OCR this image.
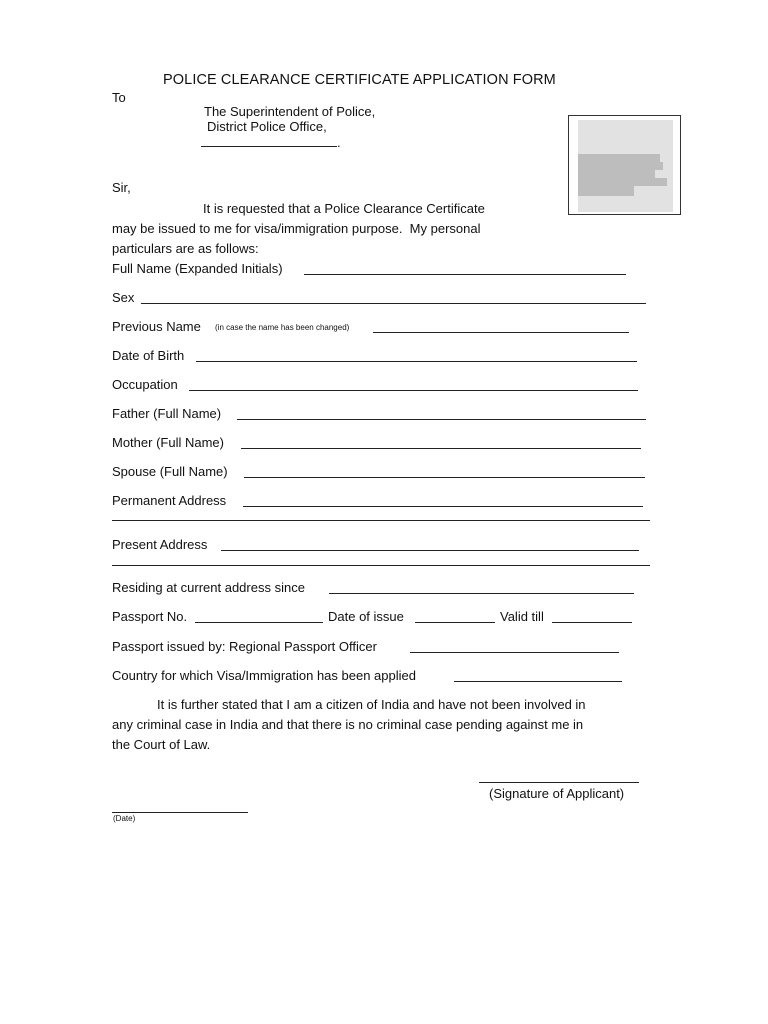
POLICE CLEARANCE CERTIFICATE APPLICATION FORM
To
The Superintendent of Police,
District Police Office,
.
Sir,
It is requested that a Police Clearance Certificate
may be issued to me for visa/immigration purpose.  My personal
particulars are as follows:
Full Name (Expanded Initials)
Sex
Previous Name (in case the name has been changed)
Date of Birth
Occupation
Father (Full Name)
Mother (Full Name)
Spouse (Full Name)
Permanent Address
Present Address
Residing at current address since
Passport No.	Date of issue	Valid till
Passport issued by: Regional Passport Officer
Country for which Visa/Immigration has been applied
It is further stated that I am a citizen of India and have not been involved in
any criminal case in India and that there is no criminal case pending against me in
the Court of Law.
(Signature of Applicant)
(Date)
